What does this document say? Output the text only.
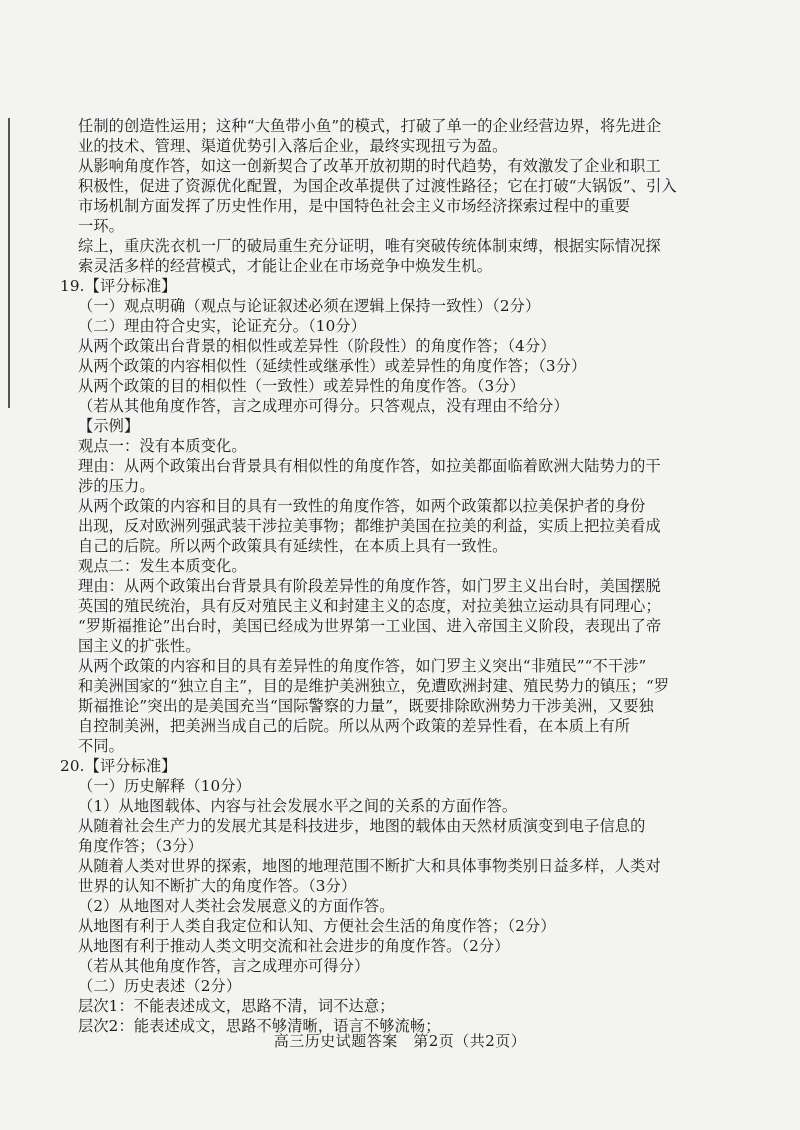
任制的创造性运用；这种“大鱼带小鱼”的模式，打破了单一的企业经营边界，将先进企
业的技术、管理、渠道优势引入落后企业，最终实现扭亏为盈。
从影响角度作答，如这一创新契合了改革开放初期的时代趋势，有效激发了企业和职工
积极性，促进了资源优化配置，为国企改革提供了过渡性路径；它在打破“大锅饭”、引入
市场机制方面发挥了历史性作用，是中国特色社会主义市场经济探索过程中的重要
一环。
综上，重庆洗衣机一厂的破局重生充分证明，唯有突破传统体制束缚，根据实际情况探
索灵活多样的经营模式，才能让企业在市场竞争中焕发生机。
19.【评分标准】
（一）观点明确（观点与论证叙述必须在逻辑上保持一致性）（2分）
（二）理由符合史实，论证充分。（10分）
从两个政策出台背景的相似性或差异性（阶段性）的角度作答；（4分）
从两个政策的内容相似性（延续性或继承性）或差异性的角度作答；（3分）
从两个政策的目的相似性（一致性）或差异性的角度作答。（3分）
（若从其他角度作答，言之成理亦可得分。只答观点，没有理由不给分）
【示例】
观点一：没有本质变化。
理由：从两个政策出台背景具有相似性的角度作答，如拉美都面临着欧洲大陆势力的干
涉的压力。
从两个政策的内容和目的具有一致性的角度作答，如两个政策都以拉美保护者的身份
出现，反对欧洲列强武装干涉拉美事物；都维护美国在拉美的利益，实质上把拉美看成
自己的后院。所以两个政策具有延续性，在本质上具有一致性。
观点二：发生本质变化。
理由：从两个政策出台背景具有阶段差异性的角度作答，如门罗主义出台时，美国摆脱
英国的殖民统治，具有反对殖民主义和封建主义的态度，对拉美独立运动具有同理心；
“罗斯福推论”出台时，美国已经成为世界第一工业国、进入帝国主义阶段，表现出了帝
国主义的扩张性。
从两个政策的内容和目的具有差异性的角度作答，如门罗主义突出“非殖民”“不干涉”
和美洲国家的“独立自主”，目的是维护美洲独立，免遭欧洲封建、殖民势力的镇压；“罗
斯福推论”突出的是美国充当“国际警察的力量”，既要排除欧洲势力干涉美洲，又要独
自控制美洲，把美洲当成自己的后院。所以从两个政策的差异性看，在本质上有所
不同。
20.【评分标准】
（一）历史解释（10分）
（1）从地图载体、内容与社会发展水平之间的关系的方面作答。
从随着社会生产力的发展尤其是科技进步，地图的载体由天然材质演变到电子信息的
角度作答；（3分）
从随着人类对世界的探索，地图的地理范围不断扩大和具体事物类别日益多样，人类对
世界的认知不断扩大的角度作答。（3分）
（2）从地图对人类社会发展意义的方面作答。
从地图有利于人类自我定位和认知、方便社会生活的角度作答；（2分）
从地图有利于推动人类文明交流和社会进步的角度作答。（2分）
（若从其他角度作答，言之成理亦可得分）
（二）历史表述（2分）
层次1：不能表述成文，思路不清，词不达意；
层次2：能表述成文，思路不够清晰，语言不够流畅；
高三历史试题答案　第2页（共2页）
